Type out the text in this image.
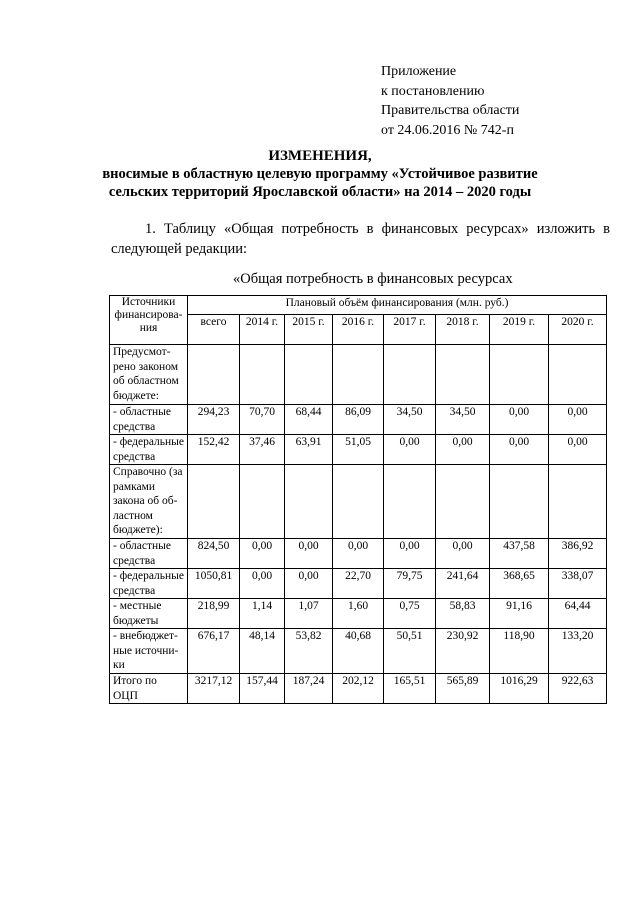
Приложение
к постановлению
Правительства области
от 24.06.2016 № 742-п
ИЗМЕНЕНИЯ,
вносимые в областную целевую программу «Устойчивое развитие
сельских территорий Ярославской области» на 2014 – 2020 годы
1. Таблицу «Общая потребность в финансовых ресурсах» изложить в
следующей редакции:
«Общая потребность в финансовых ресурсах
Источники финансирова-ния	Плановый объём финансирования (млн. руб.)							
	всего	2014 г.	2015 г.	2016 г.	2017 г.	2018 г.	2019 г.	2020 г.
Предусмот-рено законом об областном бюджете:								
- областные средства	294,23	70,70	68,44	86,09	34,50	34,50	0,00	0,00
- федеральные средства	152,42	37,46	63,91	51,05	0,00	0,00	0,00	0,00
Справочно (за рамками закона об об-ластном бюджете):								
- областные средства	824,50	0,00	0,00	0,00	0,00	0,00	437,58	386,92
- федеральные средства	1050,81	0,00	0,00	22,70	79,75	241,64	368,65	338,07
- местные бюджеты	218,99	1,14	1,07	1,60	0,75	58,83	91,16	64,44
- внебюджет-ные источни-ки	676,17	48,14	53,82	40,68	50,51	230,92	118,90	133,20
Итого по ОЦП	3217,12	157,44	187,24	202,12	165,51	565,89	1016,29	922,63
